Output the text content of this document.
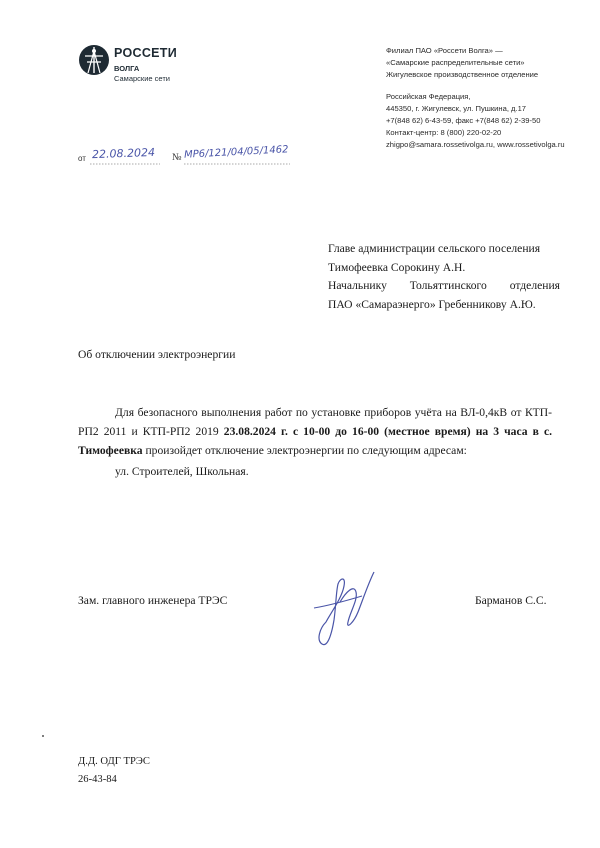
РОССЕТИ
ВОЛГА
Самарские сети
Филиал ПАО «Россети Волга» —
«Самарские распределительные сети»
Жигулевское производственное отделение
Российская Федерация,
445350, г. Жигулевск, ул. Пушкина, д.17
+7(848 62) 6-43-59, факс +7(848 62) 2-39-50
Контакт-центр: 8 (800) 220-02-20
zhigpo@samara.rossetivolga.ru, www.rossetivolga.ru
от 22.08.2024 № МР6/121/04/05/1462
Главе администрации сельского поселения
Тимофеевка Сорокину А.Н.
Начальнику Тольяттинского отделения
ПАО «Самараэнерго» Гребенникову А.Ю.
Об отключении электроэнергии

Для безопасного выполнения работ по установке приборов учёта на ВЛ-0,4кВ от КТП-РП2 2011 и КТП-РП2 2019 23.08.2024 г. с 10-00 до 16-00 (местное время) на 3 часа в с. Тимофеевка произойдет отключение электроэнергии по следующим адресам:

ул. Строителей, Школьная.
Зам. главного инженера ТРЭС	Барманов С.С.
Д.Д. ОДГ ТРЭС
26-43-84
